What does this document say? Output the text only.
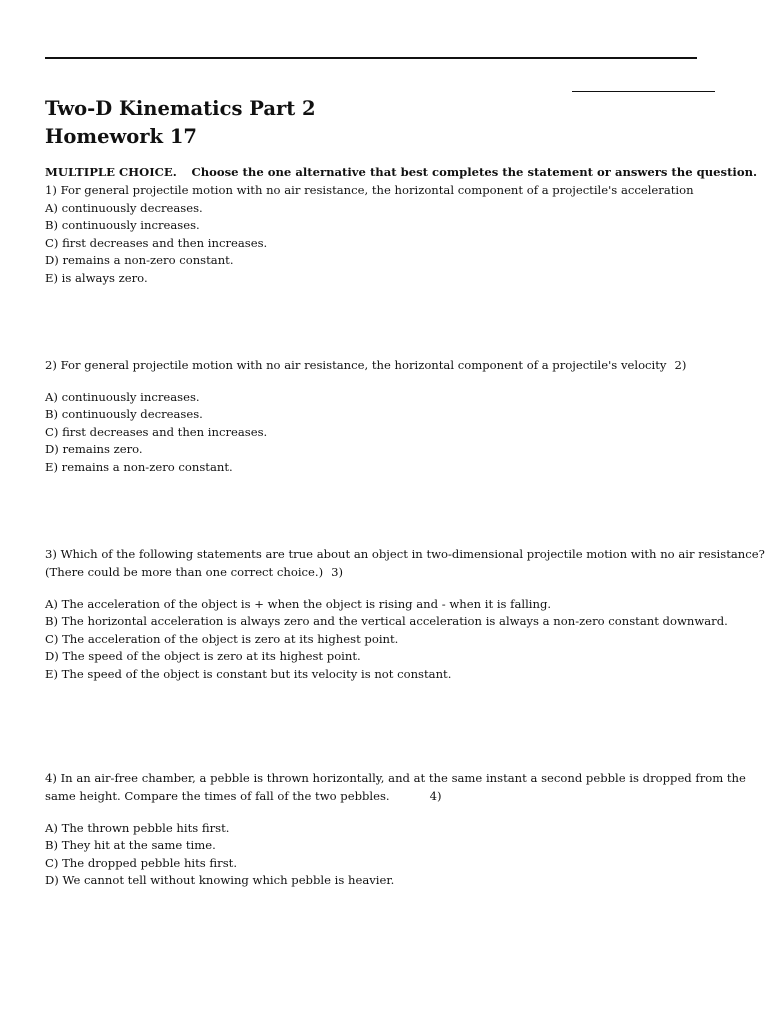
Two-D Kinematics Part 2
Homework 17
MULTIPLE CHOICE. Choose the one alternative that best completes the statement or answers the question.
1) For general projectile motion with no air resistance, the horizontal component of a projectile's acceleration
A) continuously decreases.
B) continuously increases.
C) first decreases and then increases.
D) remains a non-zero constant.
E) is always zero.
2) For general projectile motion with no air resistance, the horizontal component of a projectile's velocity 2)
A) continuously increases.
B) continuously decreases.
C) first decreases and then increases.
D) remains zero.
E) remains a non-zero constant.
3) Which of the following statements are true about an object in two-dimensional projectile motion with no air resistance?
(There could be more than one correct choice.) 3)
A) The acceleration of the object is + when the object is rising and - when it is falling.
B) The horizontal acceleration is always zero and the vertical acceleration is always a non-zero constant downward.
C) The acceleration of the object is zero at its highest point.
D) The speed of the object is zero at its highest point.
E) The speed of the object is constant but its velocity is not constant.
4) In an air-free chamber, a pebble is thrown horizontally, and at the same instant a second pebble is dropped from the
same height. Compare the times of fall of the two pebbles.	4)
A) The thrown pebble hits first.
B) They hit at the same time.
C) The dropped pebble hits first.
D) We cannot tell without knowing which pebble is heavier.
